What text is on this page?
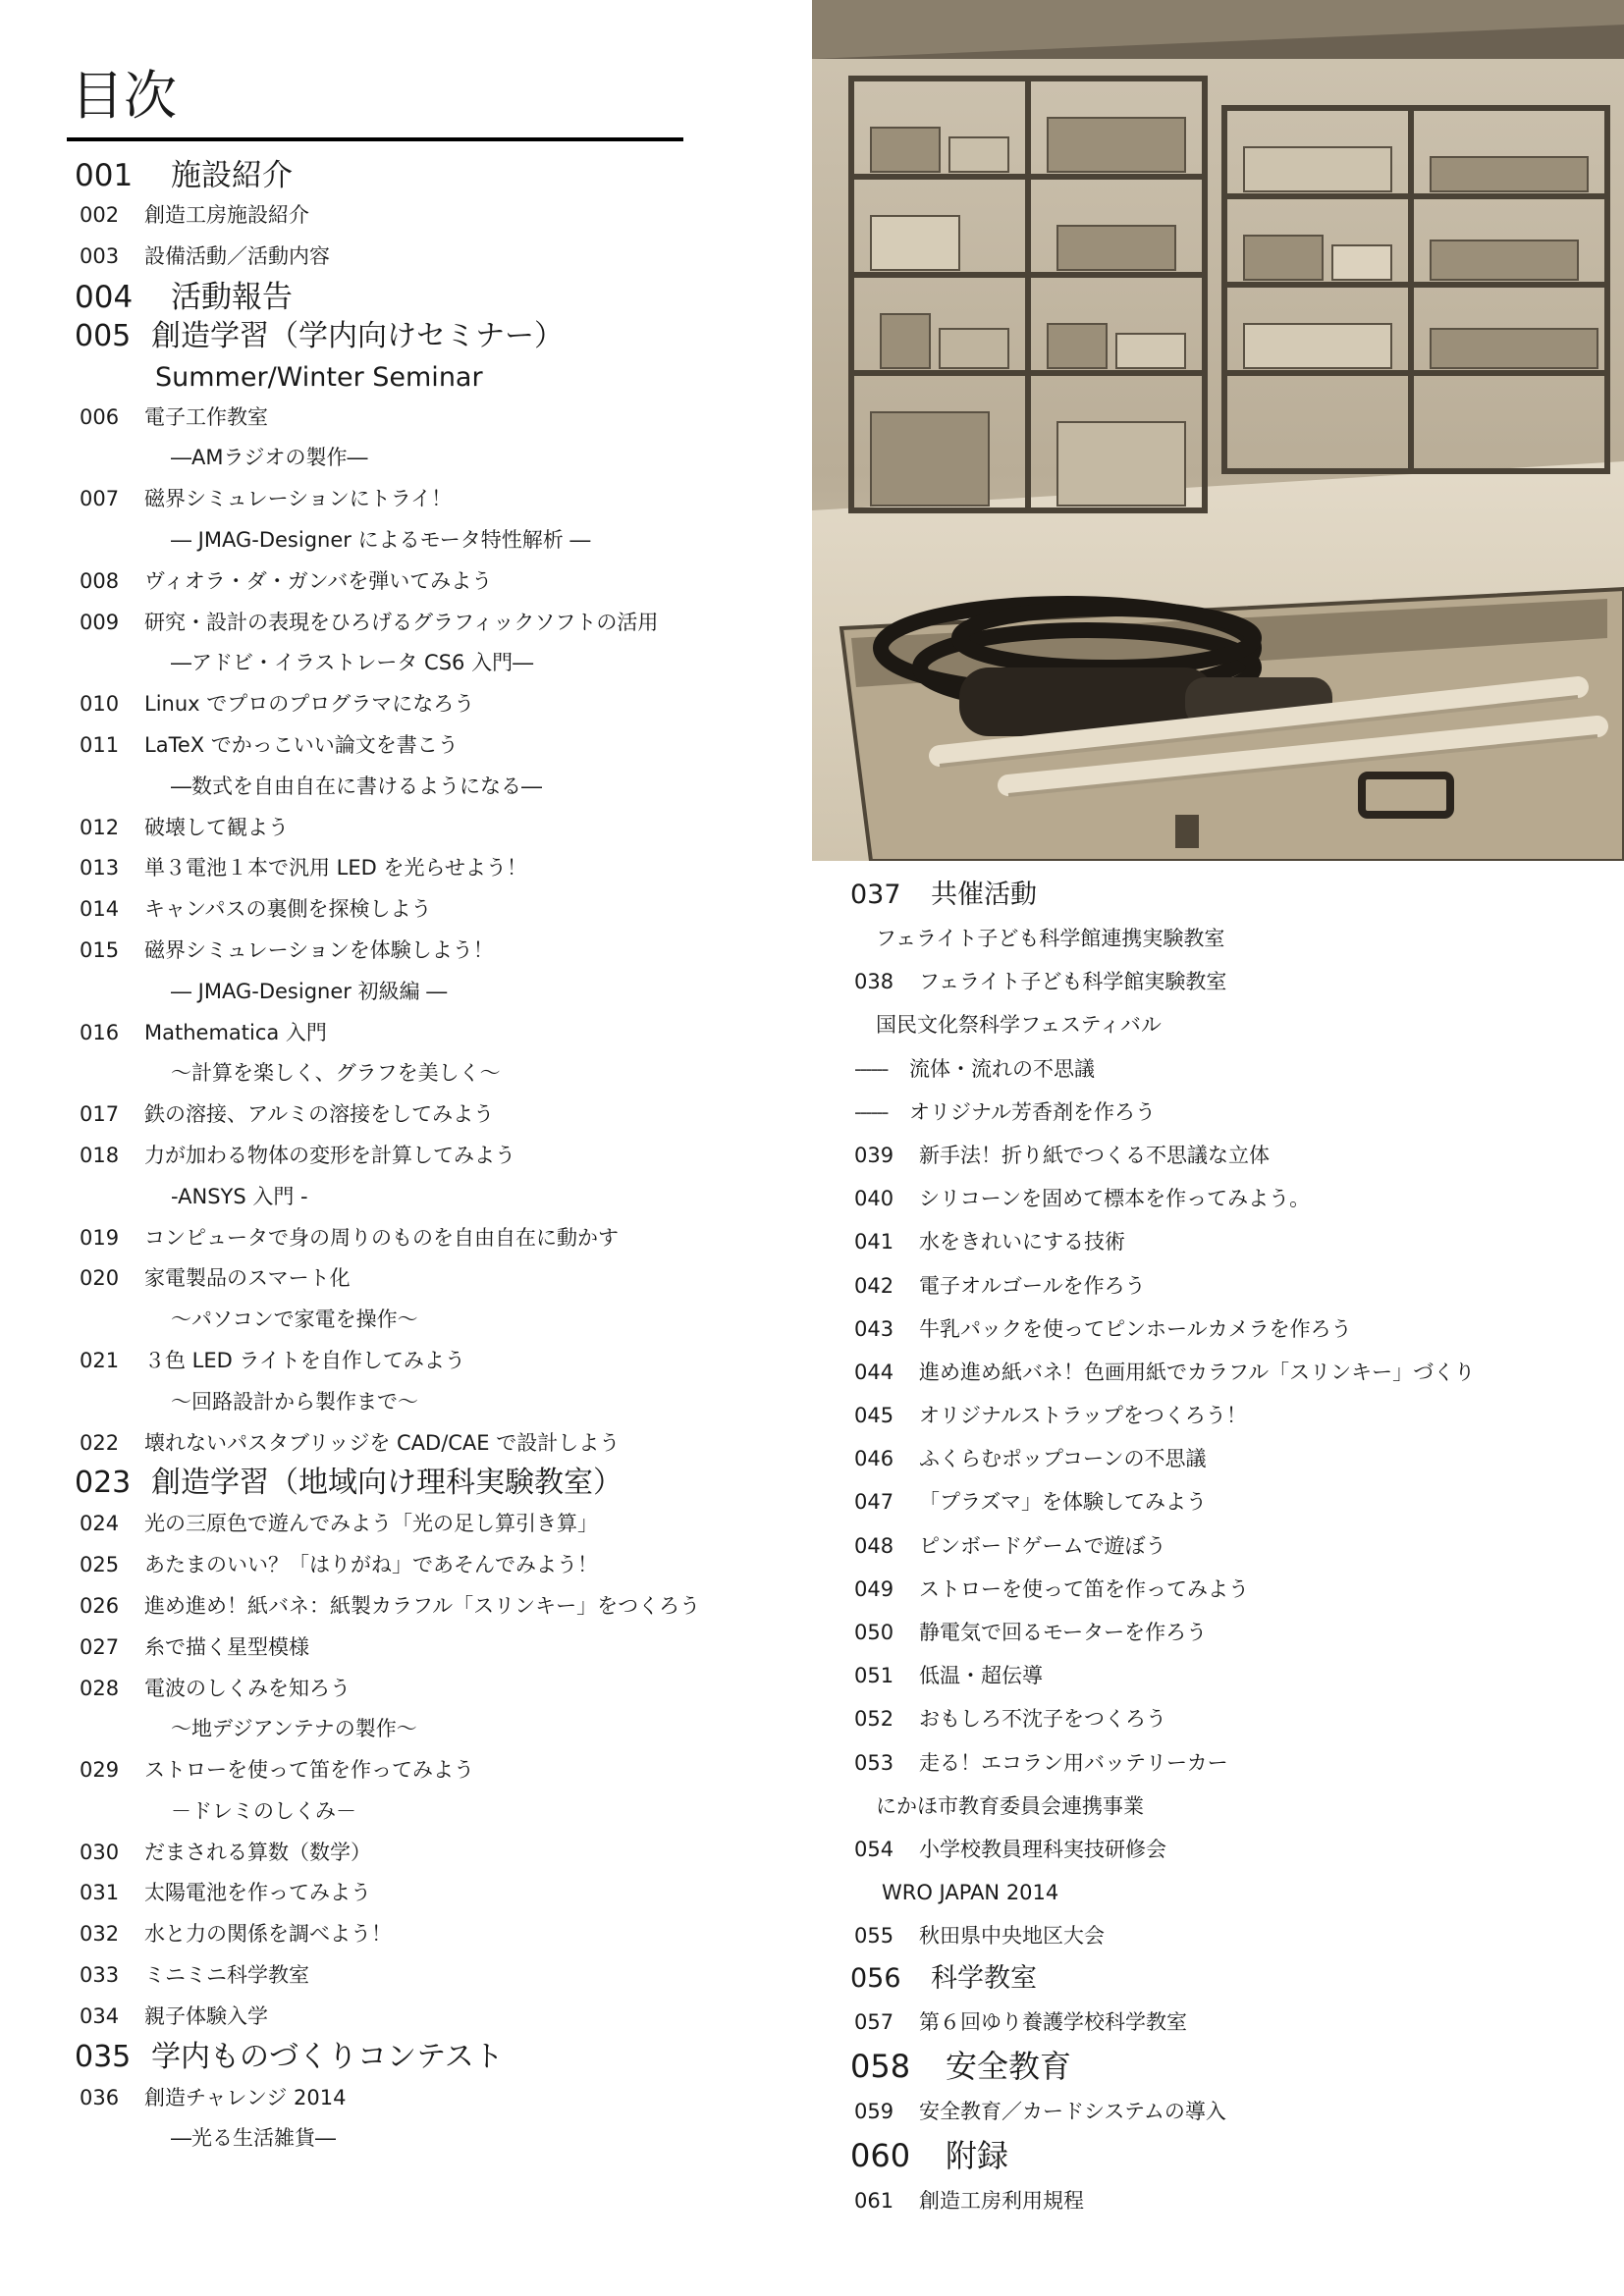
目次
001 施設紹介
002 創造工房施設紹介
003 設備活動／活動内容
004 活動報告
005 創造学習（学内向けセミナー）
Summer/Winter Seminar
006 電子工作教室
―AMラジオの製作―
007 磁界シミュレーションにトライ！
― JMAG-Designer によるモータ特性解析 ―
008 ヴィオラ・ダ・ガンバを弾いてみよう
009 研究・設計の表現をひろげるグラフィックソフトの活用
―アドビ・イラストレータ CS6 入門―
010 Linux でプロのプログラマになろう
011 LaTeX でかっこいい論文を書こう
―数式を自由自在に書けるようになる―
012 破壊して観よう
013 単３電池１本で汎用 LED を光らせよう！
014 キャンパスの裏側を探検しよう
015 磁界シミュレーションを体験しよう！
― JMAG-Designer 初級編 ―
016 Mathematica 入門
～計算を楽しく、グラフを美しく～
017 鉄の溶接、アルミの溶接をしてみよう
018 力が加わる物体の変形を計算してみよう
-ANSYS 入門 -
019 コンピュータで身の周りのものを自由自在に動かす
020 家電製品のスマート化
～パソコンで家電を操作～
021 ３色 LED ライトを自作してみよう
～回路設計から製作まで～
022 壊れないパスタブリッジを CAD/CAE で設計しよう
023 創造学習（地域向け理科実験教室）
024 光の三原色で遊んでみよう「光の足し算引き算」
025 あたまのいい？「はりがね」であそんでみよう！
026 進め進め！紙バネ：紙製カラフル「スリンキー」をつくろう
027 糸で描く星型模様
028 電波のしくみを知ろう
～地デジアンテナの製作～
029 ストローを使って笛を作ってみよう
－ドレミのしくみ－
030 だまされる算数（数学）
031 太陽電池を作ってみよう
032 水と力の関係を調べよう！
033 ミニミニ科学教室
034 親子体験入学
035 学内ものづくりコンテスト
036 創造チャレンジ 2014
―光る生活雑貨―
037 共催活動
フェライト子ども科学館連携実験教室
038 フェライト子ども科学館実験教室
国民文化祭科学フェスティバル
------ 流体・流れの不思議
------ オリジナル芳香剤を作ろう
039 新手法！折り紙でつくる不思議な立体
040 シリコーンを固めて標本を作ってみよう。
041 水をきれいにする技術
042 電子オルゴールを作ろう
043 牛乳パックを使ってピンホールカメラを作ろう
044 進め進め紙バネ！色画用紙でカラフル「スリンキー」づくり
045 オリジナルストラップをつくろう！
046 ふくらむポップコーンの不思議
047 「プラズマ」を体験してみよう
048 ピンボードゲームで遊ぼう
049 ストローを使って笛を作ってみよう
050 静電気で回るモーターを作ろう
051 低温・超伝導
052 おもしろ不沈子をつくろう
053 走る！エコラン用バッテリーカー
にかほ市教育委員会連携事業
054 小学校教員理科実技研修会
WRO JAPAN 2014
055 秋田県中央地区大会
056 科学教室
057 第６回ゆり養護学校科学教室
058 安全教育
059 安全教育／カードシステムの導入
060 附録
061 創造工房利用規程
